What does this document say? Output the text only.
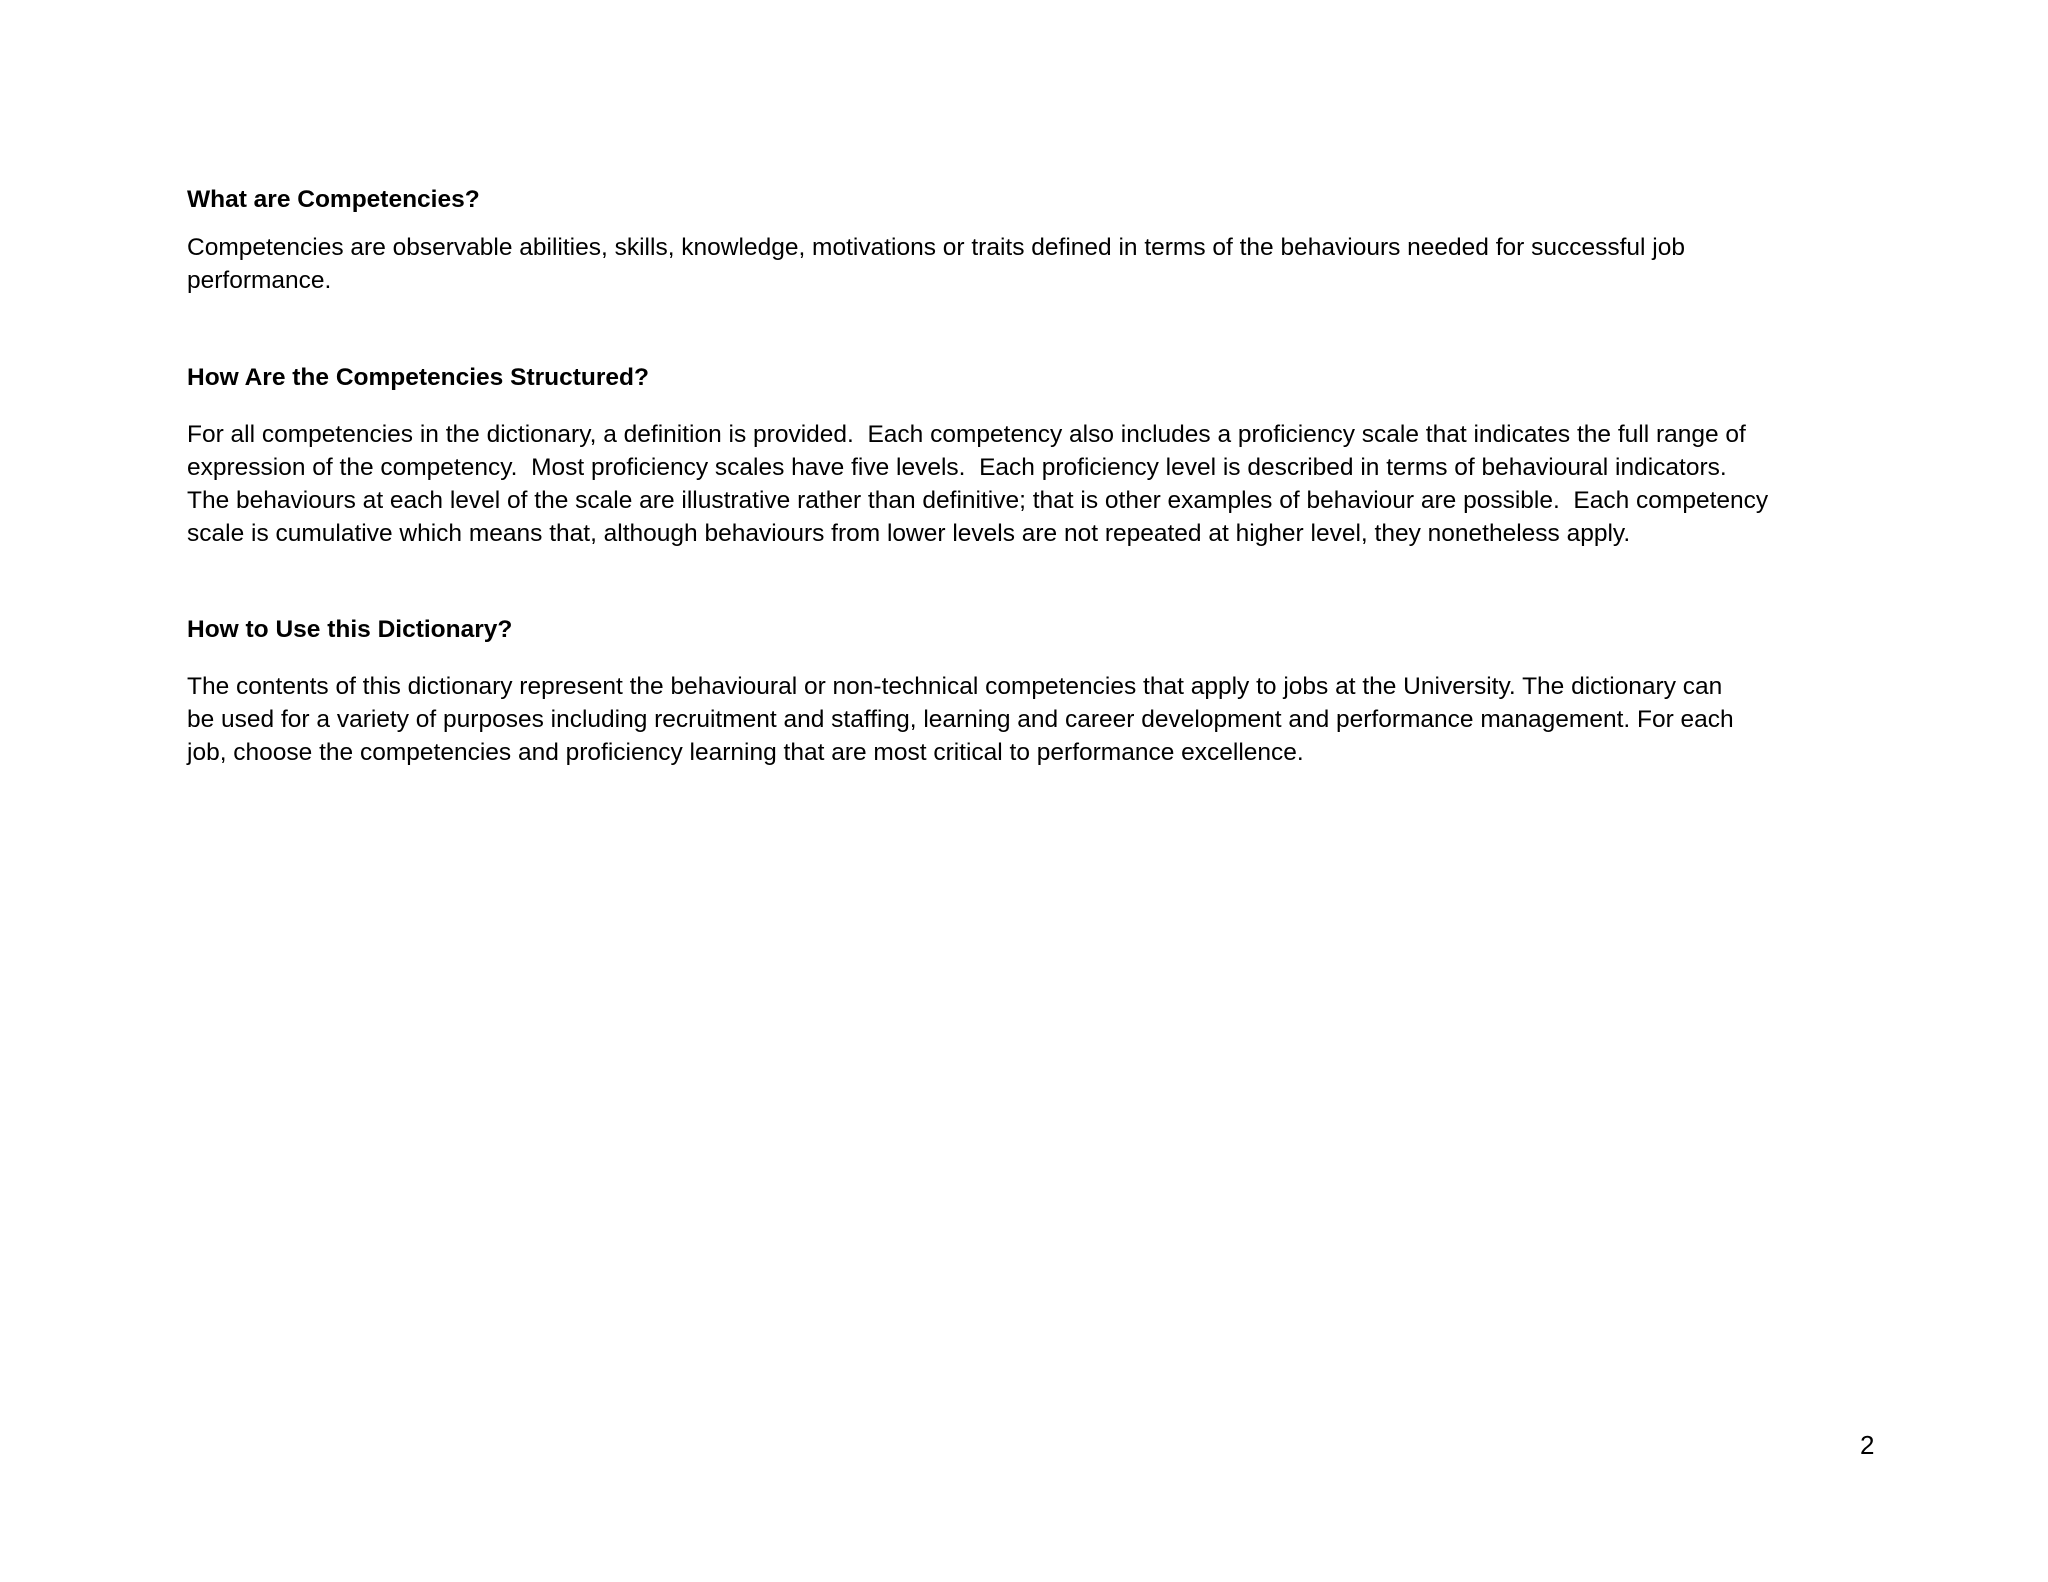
What are Competencies?

Competencies are observable abilities, skills, knowledge, motivations or traits defined in terms of the behaviours needed for successful job
performance.

How Are the Competencies Structured?

For all competencies in the dictionary, a definition is provided.  Each competency also includes a proficiency scale that indicates the full range of
expression of the competency.  Most proficiency scales have five levels.  Each proficiency level is described in terms of behavioural indicators.
The behaviours at each level of the scale are illustrative rather than definitive; that is other examples of behaviour are possible.  Each competency
scale is cumulative which means that, although behaviours from lower levels are not repeated at higher level, they nonetheless apply.

How to Use this Dictionary?

The contents of this dictionary represent the behavioural or non-technical competencies that apply to jobs at the University. The dictionary can
be used for a variety of purposes including recruitment and staffing, learning and career development and performance management. For each
job, choose the competencies and proficiency learning that are most critical to performance excellence.

2
